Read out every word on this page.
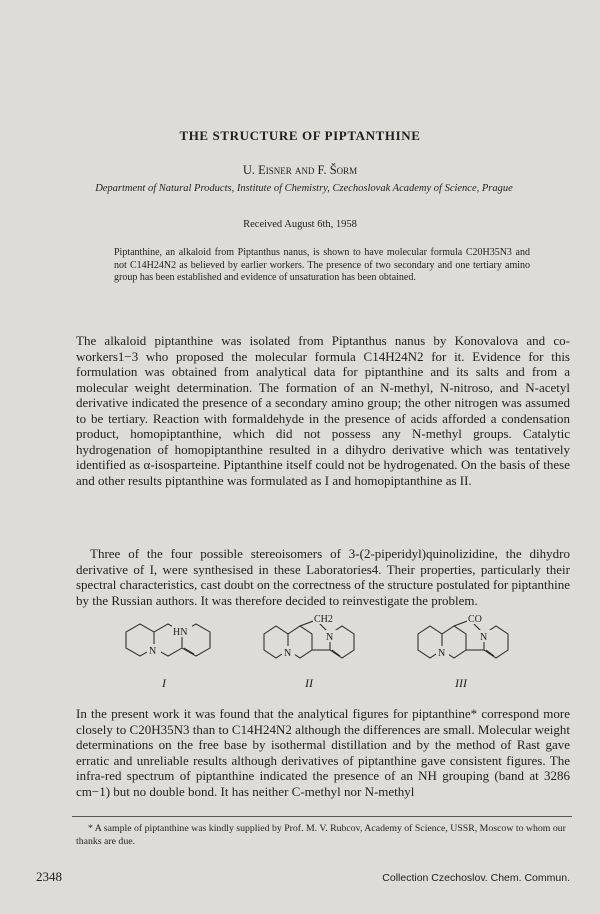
THE STRUCTURE OF PIPTANTHINE
U. Eisner and F. Šorm
Department of Natural Products, Institute of Chemistry, Czechoslovak Academy of Science, Prague
Received August 6th, 1958
Piptanthine, an alkaloid from Piptanthus nanus, is shown to have molecular formula C20H35N3 and not C14H24N2 as believed by earlier workers. The presence of two secondary and one tertiary amino group has been established and evidence of unsaturation has been obtained.
The alkaloid piptanthine was isolated from Piptanthus nanus by Konovalova and co-workers1−3 who proposed the molecular formula C14H24N2 for it. Evidence for this formulation was obtained from analytical data for piptanthine and its salts and from a molecular weight determination. The formation of an N-methyl, N-nitroso, and N-acetyl derivative indicated the presence of a secondary amino group; the other nitrogen was assumed to be tertiary. Reaction with formaldehyde in the presence of acids afforded a condensation product, homopiptanthine, which did not possess any N-methyl groups. Catalytic hydrogenation of homopiptanthine resulted in a dihydro derivative which was tentatively identified as α-isosparteine. Piptanthine itself could not be hydrogenated. On the basis of these and other results piptanthine was formulated as I and homopiptanthine as II.
Three of the four possible stereoisomers of 3-(2-piperidyl)quinolizidine, the dihydro derivative of I, were synthesised in these Laboratories4. Their properties, particularly their spectral characteristics, cast doubt on the correctness of the structure postulated for piptanthine by the Russian authors. It was therefore decided to reinvestigate the problem.
N
HN
I
N
N
CH2
II
N
N
CO
III
In the present work it was found that the analytical figures for piptanthine* correspond more closely to C20H35N3 than to C14H24N2 although the differences are small. Molecular weight determinations on the free base by isothermal distillation and by the method of Rast gave erratic and unreliable results although derivatives of piptanthine gave consistent figures. The infra-red spectrum of piptanthine indicated the presence of an NH grouping (band at 3286 cm−1) but no double bond. It has neither C-methyl nor N-methyl
* A sample of piptanthine was kindly supplied by Prof. M. V. Rubcov, Academy of Science, USSR, Moscow to whom our thanks are due.
2348	Collection Czechoslov. Chem. Commun.
